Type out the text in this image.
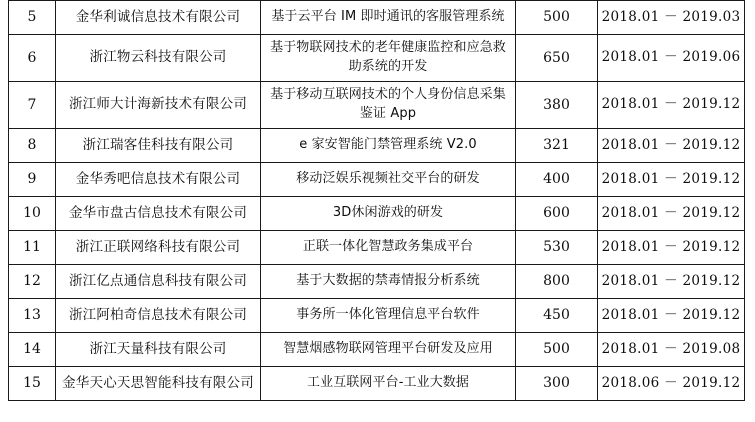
5	金华利诚信息技术有限公司	基于云平台 IM 即时通讯的客服管理系统	500	2018.01 － 2019.03
6	浙江物云科技有限公司	基于物联网技术的老年健康监控和应急救助系统的开发	650	2018.01 － 2019.06
7	浙江师大计海新技术有限公司	基于移动互联网技术的个人身份信息采集鉴证 App	380	2018.01 － 2019.12
8	浙江瑞客佳科技有限公司	e 家安智能门禁管理系统 V2.0	321	2018.01 － 2019.12
9	金华秀吧信息技术有限公司	移动泛娱乐视频社交平台的研发	400	2018.01 － 2019.12
10	金华市盘古信息技术有限公司	3D休闲游戏的研发	600	2018.01 － 2019.12
11	浙江正联网络科技有限公司	正联一体化智慧政务集成平台	530	2018.01 － 2019.12
12	浙江亿点通信息科技有限公司	基于大数据的禁毒情报分析系统	800	2018.01 － 2019.12
13	浙江阿柏奇信息技术有限公司	事务所一体化管理信息平台软件	450	2018.01 － 2019.12
14	浙江天量科技有限公司	智慧烟感物联网管理平台研发及应用	500	2018.01 － 2019.08
15	金华天心天思智能科技有限公司	工业互联网平台-工业大数据	300	2018.06 － 2019.12
